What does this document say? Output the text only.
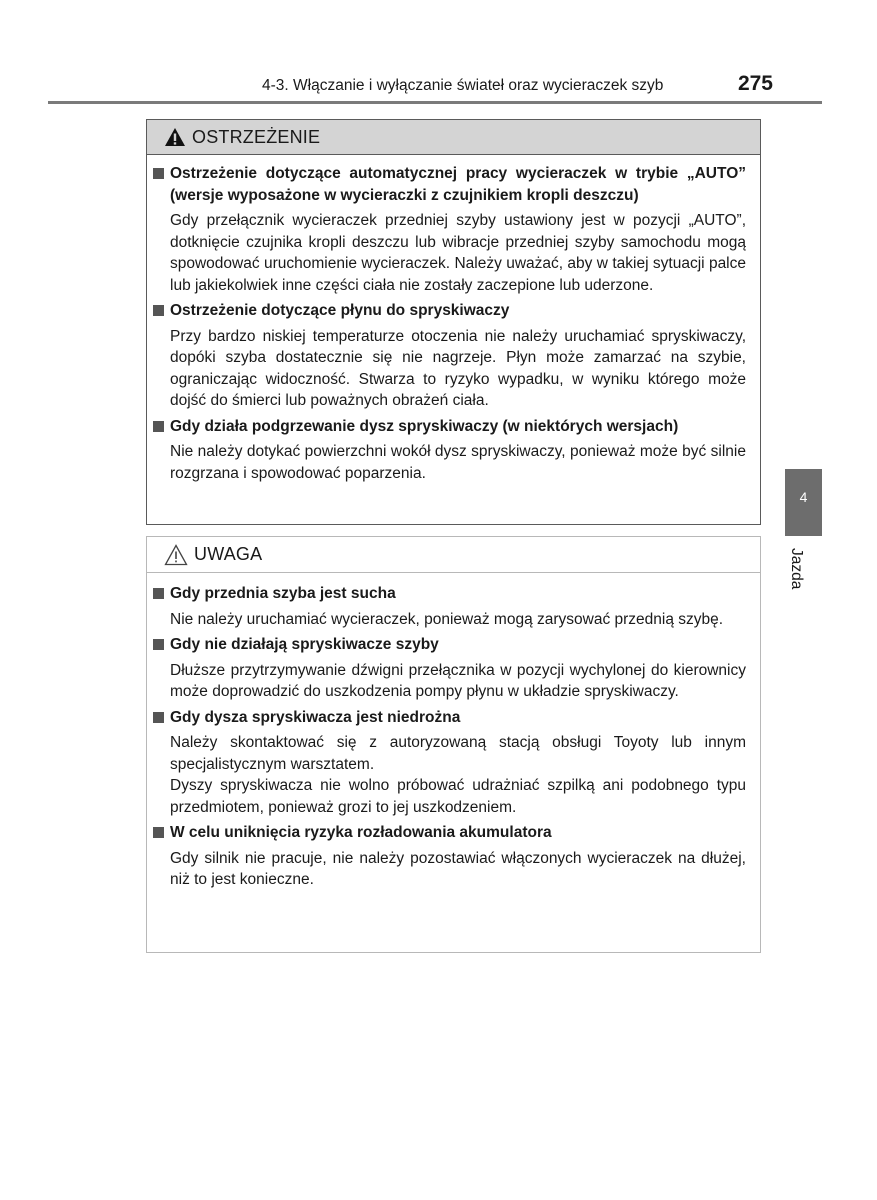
4-3. Włączanie i wyłączanie świateł oraz wycieraczek szyb	275
OSTRZEŻENIE
Ostrzeżenie dotyczące automatycznej pracy wycieraczek w trybie „AUTO” (wersje wyposażone w wycieraczki z czujnikiem kropli deszczu)

Gdy przełącznik wycieraczek przedniej szyby ustawiony jest w pozycji „AUTO”, dotknięcie czujnika kropli deszczu lub wibracje przedniej szyby samochodu mogą spowodować uruchomienie wycieraczek. Należy uważać, aby w takiej sytuacji palce lub jakiekolwiek inne części ciała nie zostały zaczepione lub uderzone.

Ostrzeżenie dotyczące płynu do spryskiwaczy

Przy bardzo niskiej temperaturze otoczenia nie należy uruchamiać spryskiwaczy, dopóki szyba dostatecznie się nie nagrzeje. Płyn może zamarzać na szybie, ograniczając widoczność. Stwarza to ryzyko wypadku, w wyniku którego może dojść do śmierci lub poważnych obrażeń ciała.

Gdy działa podgrzewanie dysz spryskiwaczy (w niektórych wersjach)

Nie należy dotykać powierzchni wokół dysz spryskiwaczy, ponieważ może być silnie rozgrzana i spowodować poparzenia.

UWAGA
Gdy przednia szyba jest sucha

Nie należy uruchamiać wycieraczek, ponieważ mogą zarysować przednią szybę.

Gdy nie działają spryskiwacze szyby

Dłuższe przytrzymywanie dźwigni przełącznika w pozycji wychylonej do kierownicy może doprowadzić do uszkodzenia pompy płynu w układzie spryskiwaczy.

Gdy dysza spryskiwacza jest niedrożna

Należy skontaktować się z autoryzowaną stacją obsługi Toyoty lub innym specjalistycznym warsztatem.

Dyszy spryskiwacza nie wolno próbować udrażniać szpilką ani podobnego typu przedmiotem, ponieważ grozi to jej uszkodzeniem.

W celu uniknięcia ryzyka rozładowania akumulatora

Gdy silnik nie pracuje, nie należy pozostawiać włączonych wycieraczek na dłużej, niż to jest konieczne.

4
Jazda
